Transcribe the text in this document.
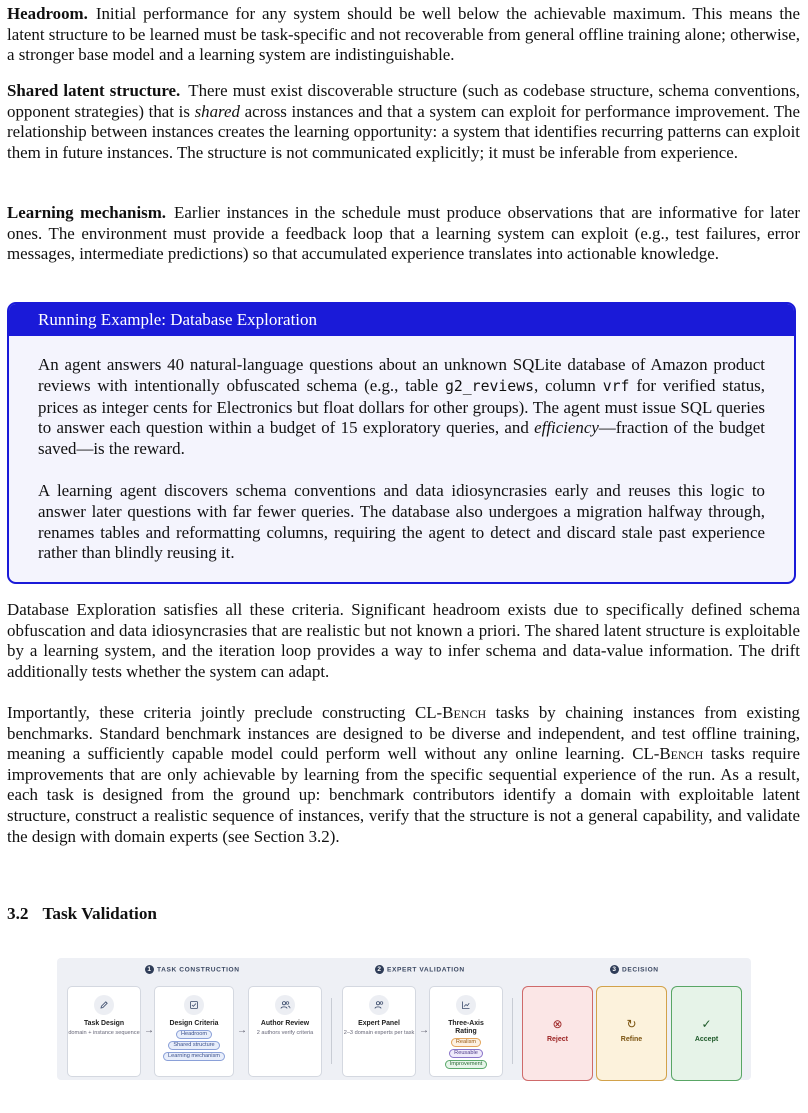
Headroom. Initial performance for any system should be well below the achievable maximum. This means the latent structure to be learned must be task-specific and not recoverable from general offline training alone; otherwise, a stronger base model and a learning system are indistinguishable.

Shared latent structure. There must exist discoverable structure (such as codebase structure, schema conventions, opponent strategies) that is shared across instances and that a system can exploit for performance improvement. The relationship between instances creates the learning opportunity: a system that identifies recurring patterns can exploit them in future instances. The structure is not communicated explicitly; it must be inferable from experience.

Learning mechanism. Earlier instances in the schedule must produce observations that are informative for later ones. The environment must provide a feedback loop that a learning system can exploit (e.g., test failures, error messages, intermediate predictions) so that accumulated experience translates into actionable knowledge.

Running Example: Database Exploration

An agent answers 40 natural-language questions about an unknown SQLite database of Amazon product reviews with intentionally obfuscated schema (e.g., table g2_reviews, column vrf for verified status, prices as integer cents for Electronics but float dollars for other groups). The agent must issue SQL queries to answer each question within a budget of 15 exploratory queries, and efficiency—fraction of the budget saved—is the reward.

A learning agent discovers schema conventions and data idiosyncrasies early and reuses this logic to answer later questions with far fewer queries. The database also undergoes a migration halfway through, renames tables and reformatting columns, requiring the agent to detect and discard stale past experience rather than blindly reusing it.

Database Exploration satisfies all these criteria. Significant headroom exists due to specifically defined schema obfuscation and data idiosyncrasies that are realistic but not known a priori. The shared latent structure is exploitable by a learning system, and the iteration loop provides a way to infer schema and data-value information. The drift additionally tests whether the system can adapt.

Importantly, these criteria jointly preclude constructing CL-Bench tasks by chaining instances from existing benchmarks. Standard benchmark instances are designed to be diverse and independent, and test offline training, meaning a sufficiently capable model could perform well without any online learning. CL-Bench tasks require improvements that are only achievable by learning from the specific sequential experience of the run. As a result, each task is designed from the ground up: benchmark contributors identify a domain with exploitable latent structure, construct a realistic sequence of instances, verify that the structure is not a general capability, and validate the design with domain experts (see Section 3.2).

3.2 Task Validation
1 TASK CONSTRUCTION	2 EXPERT VALIDATION	3 DECISION
Task Design
domain + instance sequence →
Design Criteria
Headroom
Shared structure
Learning mechanism
→
Author Review
2 authors verify criteria
Expert Panel
2–3 domain experts per task →
Three-Axis Rating
Realism
Reusable
Improvement
⊗
Reject
↻
Refine
✓
Accept
